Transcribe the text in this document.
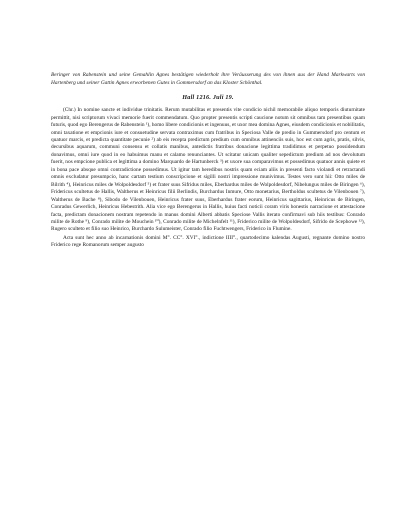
Beringer von Rabenstein und seine Gemahlin Agnes bestätigen wiederholt ihre Veräusserung des von ihnen aus der Hand Markwarts von Hartenberg und seiner Gattin Agnes erworbenen Gutes in Gommersdorf an das Kloster Schönthal.

Hall 1216. Juli 19.

(Chr.) In nomine sancte et individue trinitatis. Rerum mutabilitas et presentis vite condicio nichil memorabile aliquo temporis diuturnitate permittit, nisi scriptorum vivaci memorie fuerit commendatum. Quo propter presentis scripti caucione notum sit omnibus tam presentibus quam futuris, quod ego Berengerus de Rabenstein ¹), homo libere condicionis et ingenuus, et uxor mea domina Agnes, eiusdem condicionis et nobilitatis, omni taxatione et empcionis iure et consuetudine servata contraximus cum fratribus in Speciosa Valle de predio in Gummersdorf pro centum et quatuor marcis, et predicta quantitate pecunie ²) ab eis recepta predictum predium cum omnibus attinenciis suis, hoc est cum agris, pratis, silvis, decursibus aquarum, communi consensu et collatis manibus, antedictis fratribus donacione legittima tradidimus et perpetuo possidendum donavimus, omni iure quod in eo habuimus manu et calamo renunciantes. Ut scitatur unicam qualiter sepedictum predium ad nos devolutum fuerit, nos empcione publica et legittima a domino Marquardo de Hartunberck ³) et uxore sua comparavimus et possedimus quatuor annis quiete et in bona pace absque omni contradictione possedimus. Ut igitur tam heredibus nostris quam eciam aliis in presenti facto violandi et retractandi omnis excludatur presumpcio, hanc cartam testium conscripcione et sigilli nostri impressione munivimus. Testes vero sunt hii: Otto miles de Bilrith ⁴), Heinricus miles de Wolpoldesdorf ⁵) et frater suus Sifridus miles, Eberhardus miles de Wolpoldesdorf, Nibelungus miles de Biringen ⁶), Fridericus scultetus de Hallis, Waltherus et Heinricus filii Berlindis, Burchardus Inmure, Otto monetarius, Bertholdus scultetus de Vilenbouen ⁷), Waltherus de Bache ⁸), Sibodo de Vilenbouen, Heinricus frater suus, Eberhardus frater eorum, Heinricus sagittarius, Heinricus de Biringen, Conradus Gewerlich, Heinricus Hebestrith. Alia vice ego Berengerus in Hallis, huius facti noticii coram viris honestis narracione et attestacione facta, predictam donacionem nostram repetendo in manus domini Alberti abbatis Speciose Vallis iterato confirmavi sub hiis testibus: Conrado milite de Rothe ⁹), Conrado milite de Mouchein ¹⁰), Conrado milite de Michelnfelt ¹¹), Friderico milite de Wolpoldesdorf, Sifrido de Scephowe ¹²), Rugero sculteto et filio suo Heinrico, Burchardo Sulumeister, Conrado filio Fuchtwengers, Friderico in Flumine.

Acta sunt hec anno ab incarnationis domini M°. CC°. XVI°., indictione IIII°., quartodecimo kalendas Augusti, regnante domino nostro Friderico rege Romanorum semper augusto
